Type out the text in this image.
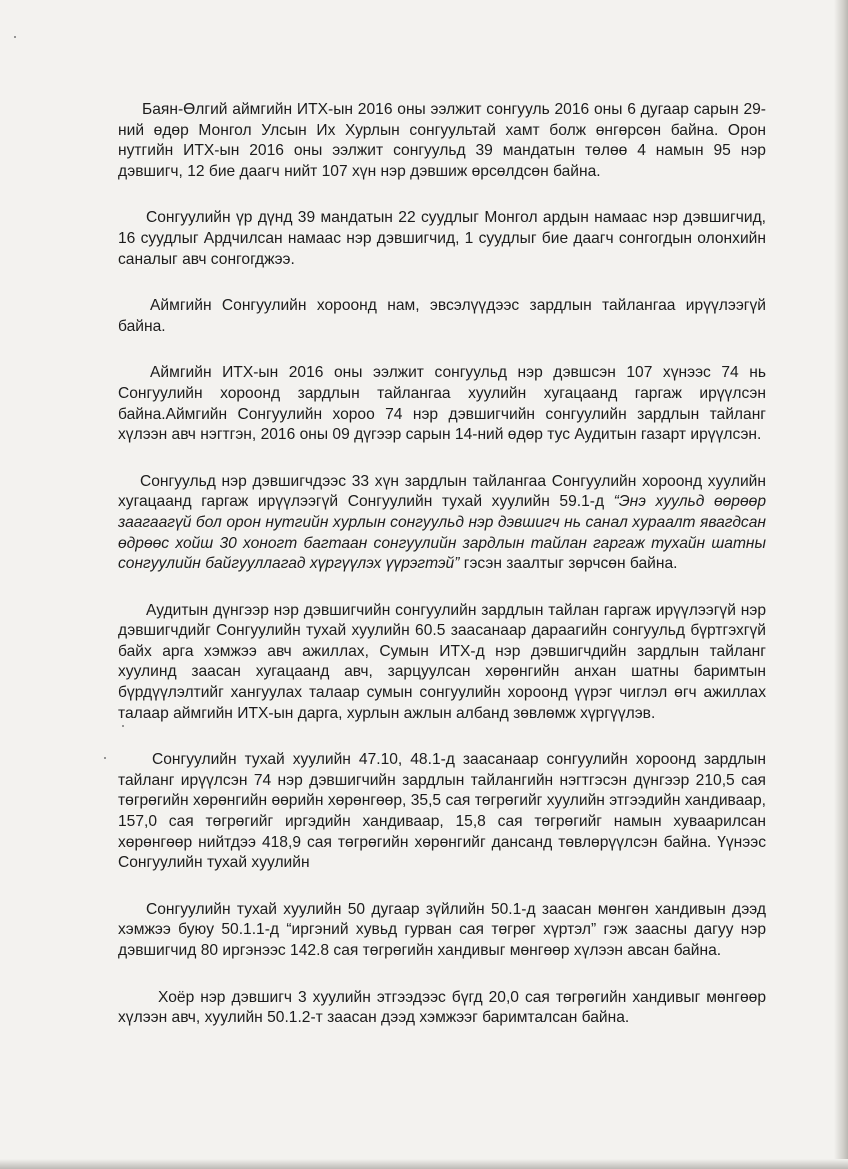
Баян-Өлгий аймгийн ИТХ-ын 2016 оны ээлжит сонгууль 2016 оны 6 дугаар сарын 29-ний өдөр Монгол Улсын Их Хурлын сонгуультай хамт болж өнгөрсөн байна. Орон нутгийн ИТХ-ын 2016 оны ээлжит сонгуульд 39 мандатын төлөө 4 намын 95 нэр дэвшигч, 12 бие даагч нийт 107 хүн нэр дэвшиж өрсөлдсөн байна.

Сонгуулийн үр дүнд 39 мандатын 22 суудлыг Монгол ардын намаас нэр дэвшигчид, 16 суудлыг Ардчилсан намаас нэр дэвшигчид, 1 суудлыг бие даагч сонгогдын олонхийн саналыг авч сонгогджээ.

Аймгийн Сонгуулийн хороонд нам, эвсэлүүдээс зардлын тайлангаа ирүүлээгүй байна.

Аймгийн ИТХ-ын 2016 оны ээлжит сонгуульд нэр дэвшсэн 107 хүнээс 74 нь Сонгуулийн хороонд зардлын тайлангаа хуулийн хугацаанд гаргаж ирүүлсэн байна.Аймгийн Сонгуулийн хороо 74 нэр дэвшигчийн сонгуулийн зардлын тайланг хүлээн авч нэгтгэн, 2016 оны 09 дүгээр сарын 14-ний өдөр тус Аудитын газарт ирүүлсэн.

Сонгуульд нэр дэвшигчдээс 33 хүн зардлын тайлангаа Сонгуулийн хороонд хуулийн хугацаанд гаргаж ирүүлээгүй Сонгуулийн тухай хуулийн 59.1-д “Энэ хуульд өөрөөр заагаагүй бол орон нутгийн хурлын сонгуульд нэр дэвшигч нь санал хураалт явагдсан өдрөөс хойш 30 хоногт багтаан сонгуулийн зардлын тайлан гаргаж тухайн шатны сонгуулийн байгууллагад хүргүүлэх үүрэгтэй” гэсэн заалтыг зөрчсөн байна.

Аудитын дүнгээр нэр дэвшигчийн сонгуулийн зардлын тайлан гаргаж ирүүлээгүй нэр дэвшигчдийг Сонгуулийн тухай хуулийн 60.5 заасанаар дараагийн сонгуульд бүртгэхгүй байх арга хэмжээ авч ажиллах, Сумын ИТХ-д нэр дэвшигчдийн зардлын тайланг хуулинд заасан хугацаанд авч, зарцуулсан хөрөнгийн анхан шатны баримтын бүрдүүлэлтийг хангуулах талаар сумын сонгуулийн хороонд үүрэг чиглэл өгч ажиллах талаар аймгийн ИТХ-ын дарга, хурлын ажлын албанд зөвлөмж хүргүүлэв.

Сонгуулийн тухай хуулийн 47.10, 48.1-д заасанаар сонгуулийн хороонд зардлын тайланг ирүүлсэн 74 нэр дэвшигчийн зардлын тайлангийн нэгтгэсэн дүнгээр 210,5 сая төгрөгийн хөрөнгийн өөрийн хөрөнгөөр, 35,5 сая төгрөгийг хуулийн этгээдийн хандиваар, 157,0 сая төгрөгийг иргэдийн хандиваар, 15,8 сая төгрөгийг намын хуваарилсан хөрөнгөөр нийтдээ 418,9 сая төгрөгийн хөрөнгийг дансанд төвлөрүүлсэн байна. Үүнээс Сонгуулийн тухай хуулийн

Сонгуулийн тухай хуулийн 50 дугаар зүйлийн 50.1-д заасан мөнгөн хандивын дээд хэмжээ буюу 50.1.1-д “иргэний хувьд гурван сая төгрөг хүртэл” гэж заасны дагуу нэр дэвшигчид 80 иргэнээс 142.8 сая төгрөгийн хандивыг мөнгөөр хүлээн авсан байна.

Хоёр нэр дэвшигч 3 хуулийн этгээдээс бүгд 20,0 сая төгрөгийн хандивыг мөнгөөр хүлээн авч, хуулийн 50.1.2-т заасан дээд хэмжээг баримталсан байна.
